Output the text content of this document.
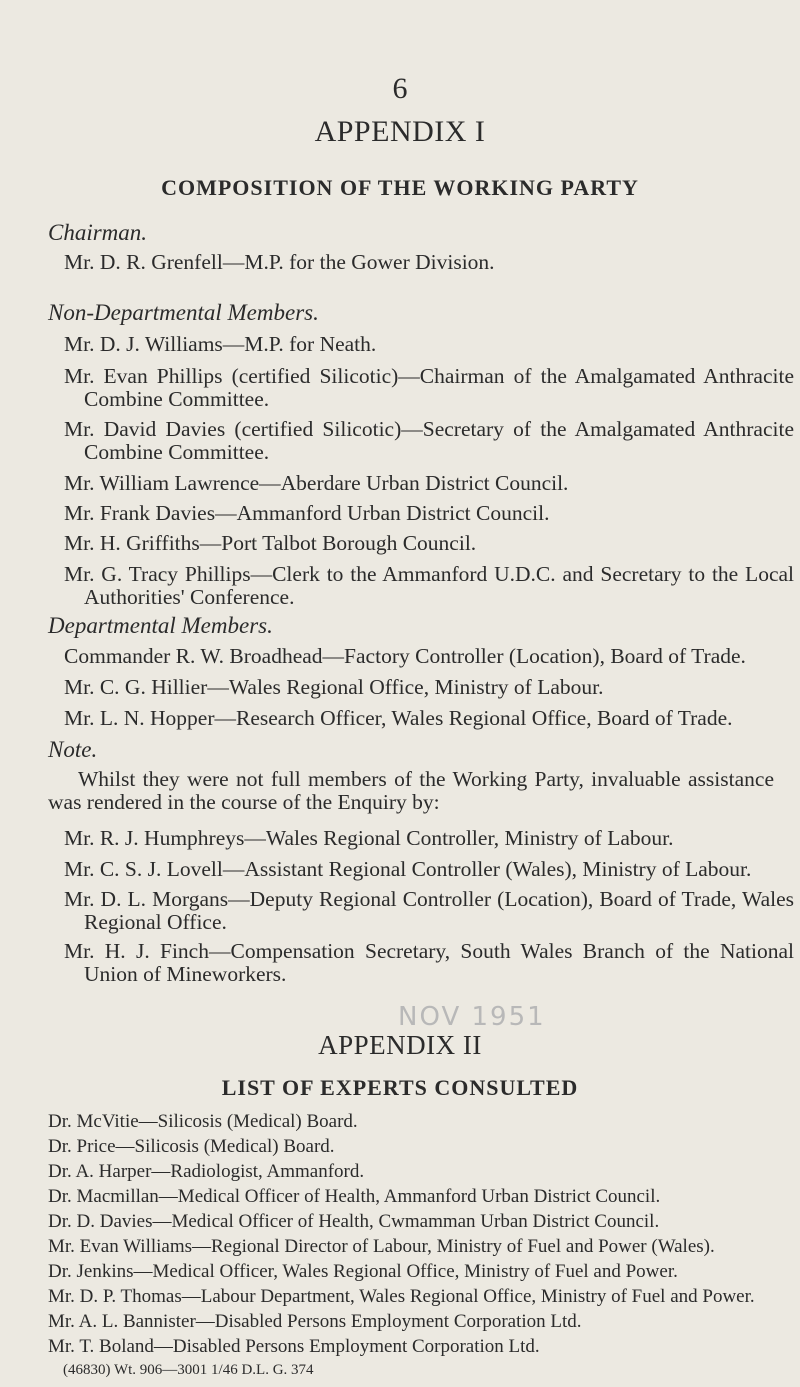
6
APPENDIX I
COMPOSITION OF THE WORKING PARTY
Chairman.
Mr. D. R. Grenfell—M.P. for the Gower Division.
Non-Departmental Members.
Mr. D. J. Williams—M.P. for Neath.
Mr. Evan Phillips (certified Silicotic)—Chairman of the Amalgamated Anthracite Combine Committee.
Mr. David Davies (certified Silicotic)—Secretary of the Amalgamated Anthracite Combine Committee.
Mr. William Lawrence—Aberdare Urban District Council.
Mr. Frank Davies—Ammanford Urban District Council.
Mr. H. Griffiths—Port Talbot Borough Council.
Mr. G. Tracy Phillips—Clerk to the Ammanford U.D.C. and Secretary to the Local Authorities' Conference.
Departmental Members.
Commander R. W. Broadhead—Factory Controller (Location), Board of Trade.
Mr. C. G. Hillier—Wales Regional Office, Ministry of Labour.
Mr. L. N. Hopper—Research Officer, Wales Regional Office, Board of Trade.
Note.
Whilst they were not full members of the Working Party, invaluable assistance was rendered in the course of the Enquiry by:
Mr. R. J. Humphreys—Wales Regional Controller, Ministry of Labour.
Mr. C. S. J. Lovell—Assistant Regional Controller (Wales), Ministry of Labour.
Mr. D. L. Morgans—Deputy Regional Controller (Location), Board of Trade, Wales Regional Office.
Mr. H. J. Finch—Compensation Secretary, South Wales Branch of the National Union of Mineworkers.
NOV 1951
APPENDIX II
LIST OF EXPERTS CONSULTED
Dr. McVitie—Silicosis (Medical) Board.
Dr. Price—Silicosis (Medical) Board.
Dr. A. Harper—Radiologist, Ammanford.
Dr. Macmillan—Medical Officer of Health, Ammanford Urban District Council.
Dr. D. Davies—Medical Officer of Health, Cwmamman Urban District Council.
Mr. Evan Williams—Regional Director of Labour, Ministry of Fuel and Power (Wales).
Dr. Jenkins—Medical Officer, Wales Regional Office, Ministry of Fuel and Power.
Mr. D. P. Thomas—Labour Department, Wales Regional Office, Ministry of Fuel and Power.
Mr. A. L. Bannister—Disabled Persons Employment Corporation Ltd.
Mr. T. Boland—Disabled Persons Employment Corporation Ltd.
(46830) Wt. 906—3001 1/46 D.L. G. 374
